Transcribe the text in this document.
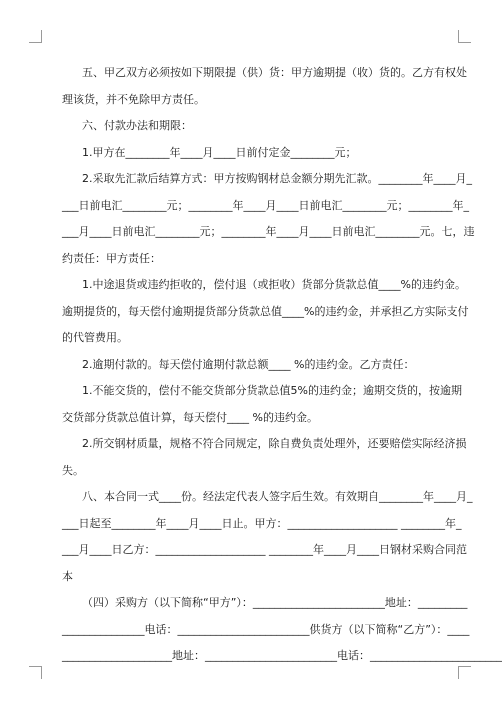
五、甲乙双方必须按如下期限提（供）货：甲方逾期提（收）货的。乙方有权处
理该货，并不免除甲方责任。
六、付款办法和期限：
1.甲方在________年____月____日前付定金________元；
2.采取先汇款后结算方式：甲方按购钢材总金额分期先汇款。________年____月_
___日前电汇________元；________年____月____日前电汇________元；________年_
___月____日前电汇________元；________年____月____日前电汇________元。七，违
约责任：甲方责任：
1.中途退货或违约拒收的，偿付退（或拒收）货部分货款总值____%的违约金。
逾期提货的，每天偿付逾期提货部分货款总值____%的违约金，并承担乙方实际支付
的代管费用。
2.逾期付款的。每天偿付逾期付款总额____ %的违约金。乙方责任：
1.不能交货的，偿付不能交货部分货款总值5%的违约金；逾期交货的，按逾期
交货部分货款总值计算，每天偿付____ %的违约金。
2.所交钢材质量，规格不符合同规定，除自费负责处理外，还要赔偿实际经济损
失。
八、本合同一式____份。经法定代表人签字后生效。有效期自________年____月_
___日起至________年____月____日止。甲方：____________________ ________年_
___月____日乙方：____________________ ________年____月____日钢材采购合同范
本
（四）采购方（以下简称“甲方”）：________________________地址：_________
_______________电话：________________________供货方（以下简称“乙方”）：____
____________________地址：________________________电话：________________________
